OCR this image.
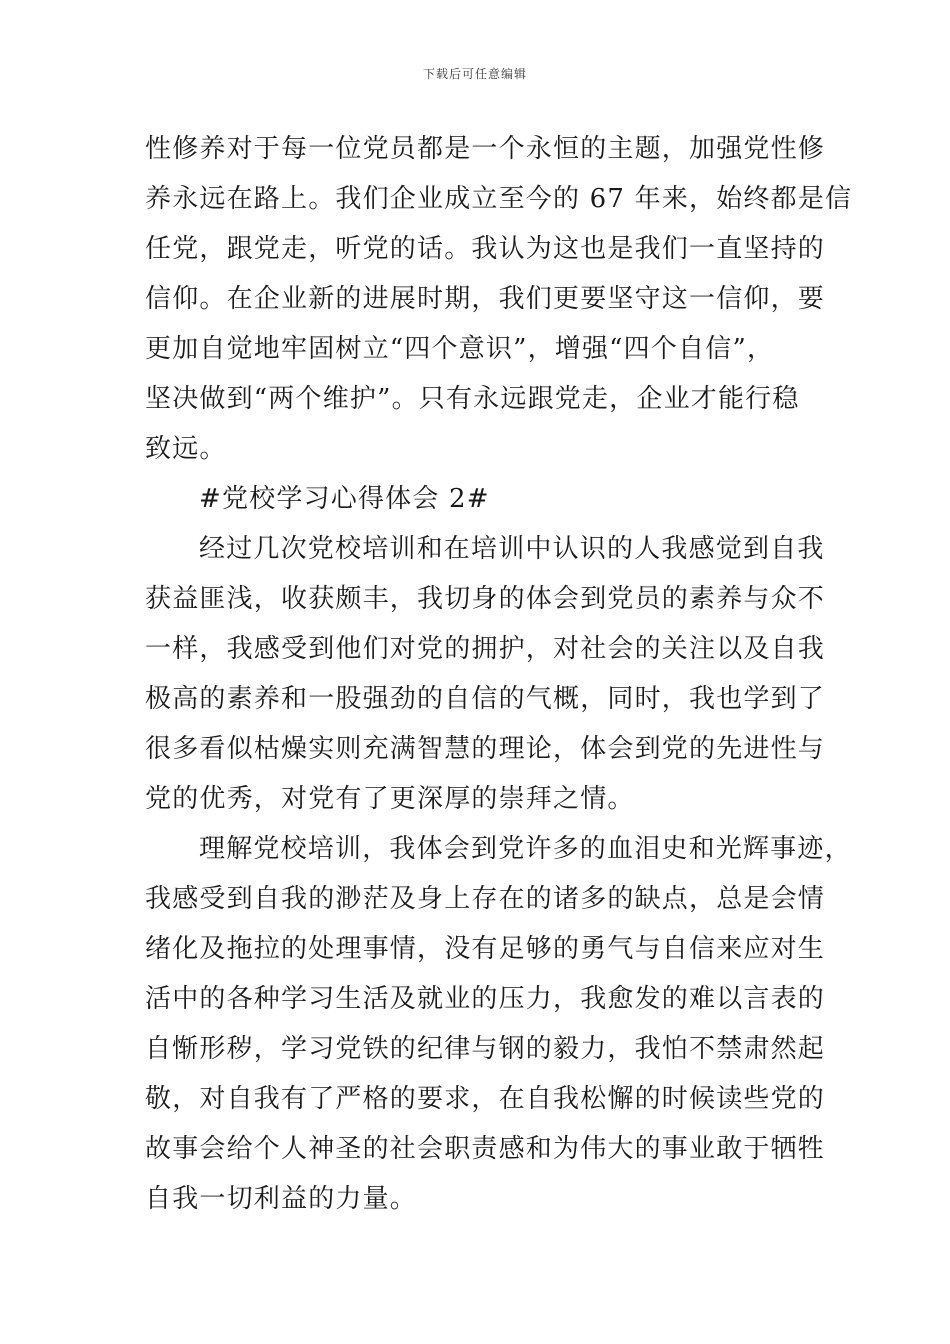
下载后可任意编辑
性修养对于每一位党员都是一个永恒的主题，加强党性修
养永远在路上。我们企业成立至今的 67 年来，始终都是信
任党，跟党走，听党的话。我认为这也是我们一直坚持的
信仰。在企业新的进展时期，我们更要坚守这一信仰，要
更加自觉地牢固树立“四个意识”，增强“四个自信”，
坚决做到“两个维护”。只有永远跟党走，企业才能行稳
致远。
#党校学习心得体会 2#
经过几次党校培训和在培训中认识的人我感觉到自我
获益匪浅，收获颇丰，我切身的体会到党员的素养与众不
一样，我感受到他们对党的拥护，对社会的关注以及自我
极高的素养和一股强劲的自信的气概，同时，我也学到了
很多看似枯燥实则充满智慧的理论，体会到党的先进性与
党的优秀，对党有了更深厚的崇拜之情。
理解党校培训，我体会到党许多的血泪史和光辉事迹，
我感受到自我的渺茫及身上存在的诸多的缺点，总是会情
绪化及拖拉的处理事情，没有足够的勇气与自信来应对生
活中的各种学习生活及就业的压力，我愈发的难以言表的
自惭形秽，学习党铁的纪律与钢的毅力，我怕不禁肃然起
敬，对自我有了严格的要求，在自我松懈的时候读些党的
故事会给个人神圣的社会职责感和为伟大的事业敢于牺牲
自我一切利益的力量。
